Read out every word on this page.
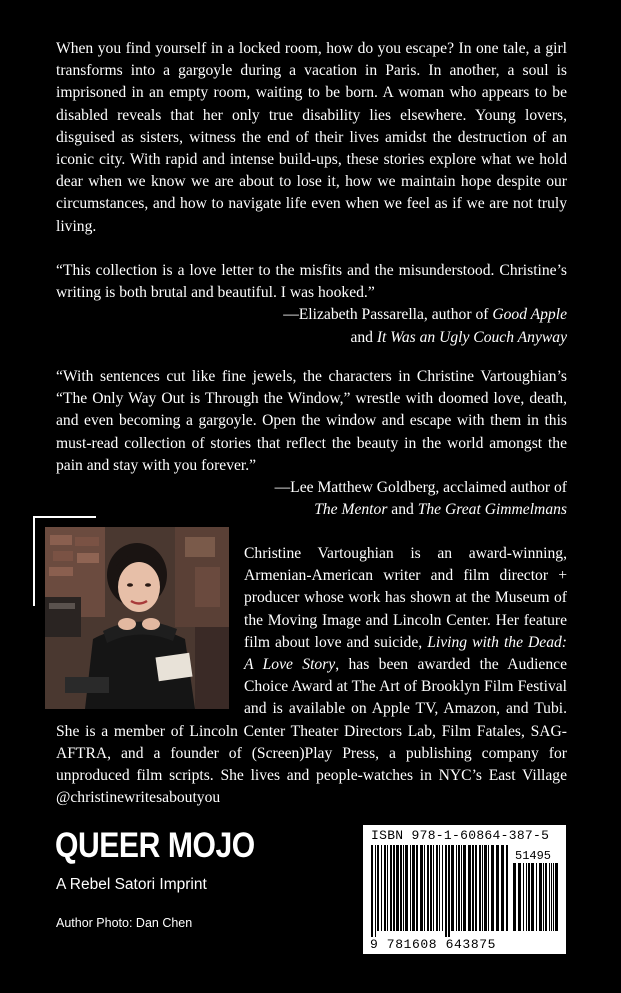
When you find yourself in a locked room, how do you escape? In one tale, a girl transforms into a gargoyle during a vacation in Paris. In another, a soul is imprisoned in an empty room, waiting to be born. A woman who appears to be disabled reveals that her only true disability lies elsewhere. Young lovers, disguised as sisters, witness the end of their lives amidst the destruction of an iconic city. With rapid and intense build-ups, these stories explore what we hold dear when we know we are about to lose it, how we maintain hope despite our circumstances, and how to navigate life even when we feel as if we are not truly living.

“This collection is a love letter to the misfits and the misunderstood. Christine’s writing is both brutal and beautiful. I was hooked.”

—Elizabeth Passarella, author of Good Apple
and It Was an Ugly Couch Anyway

“With sentences cut like fine jewels, the characters in Christine Vartoughian’s “The Only Way Out is Through the Window,” wrestle with doomed love, death, and even becoming a gargoyle. Open the window and escape with them in this must-read collection of stories that reflect the beauty in the world amongst the pain and stay with you forever.”

—Lee Matthew Goldberg, acclaimed author of
The Mentor and The Great Gimmelmans

Christine Vartoughian is an award-winning, Armenian-American writer and film director + producer whose work has shown at the Museum of the Moving Image and Lincoln Center. Her feature film about love and suicide, Living with the Dead: A Love Story, has been awarded the Audience Choice Award at The Art of Brooklyn Film Festival and is available on Apple TV, Amazon, and Tubi. She is a member of Lincoln Center Theater Directors Lab, Film Fatales, SAG-AFTRA, and a founder of (Screen)Play Press, a publishing company for unproduced film scripts. She lives and people-watches in NYC’s East Village @christinewritesaboutyou

QUEER MOJO
A Rebel Satori Imprint
Author Photo: Dan Chen
ISBN 978-1-60864-387-5
51495
9 781608 643875
